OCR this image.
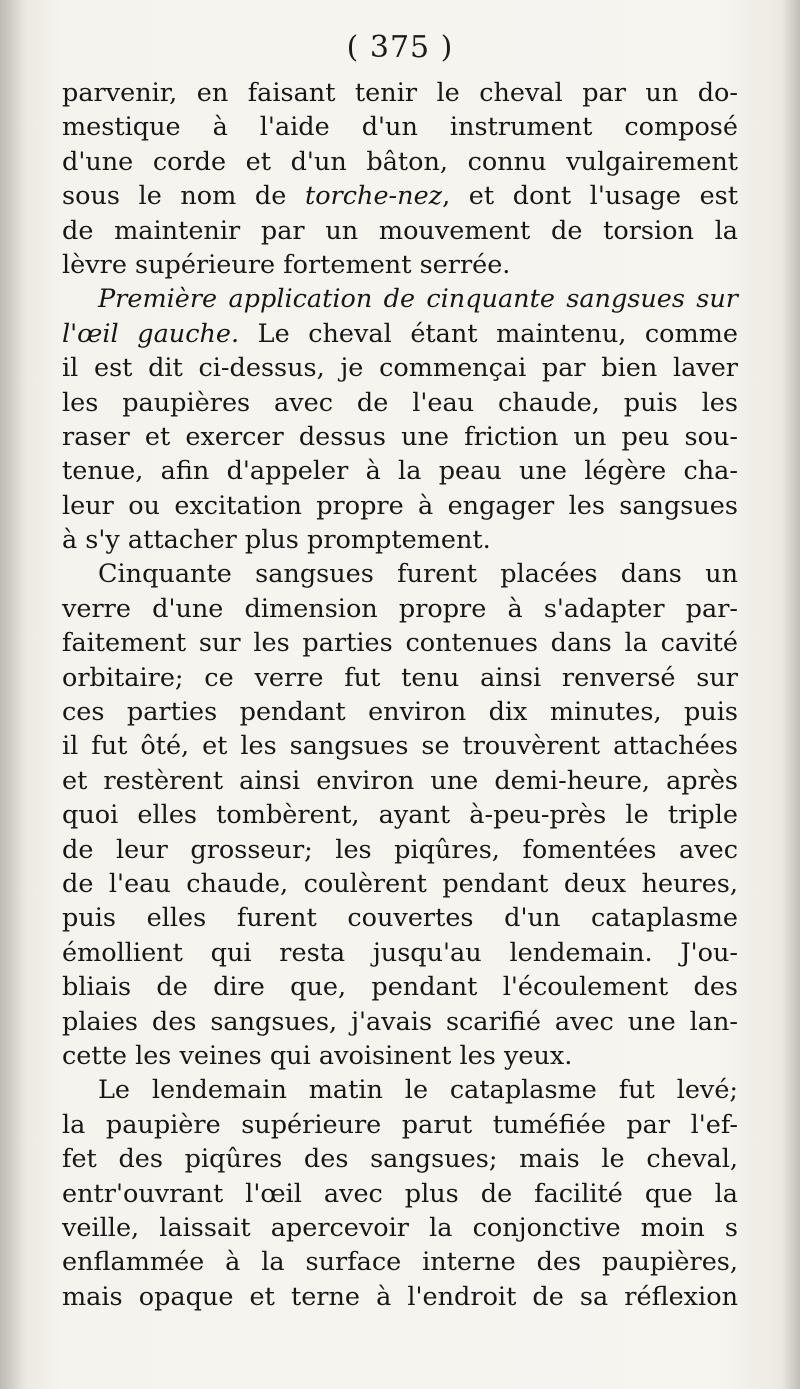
( 375 )
parvenir, en faisant tenir le cheval par un do-
mestique à l'aide d'un instrument composé
d'une corde et d'un bâton, connu vulgairement
sous le nom de torche-nez, et dont l'usage est
de maintenir par un mouvement de torsion la
lèvre supérieure fortement serrée.
Première application de cinquante sangsues sur
l'œil gauche. Le cheval étant maintenu, comme
il est dit ci-dessus, je commençai par bien laver
les paupières avec de l'eau chaude, puis les
raser et exercer dessus une friction un peu sou-
tenue, afin d'appeler à la peau une légère cha-
leur ou excitation propre à engager les sangsues
à s'y attacher plus promptement.
Cinquante sangsues furent placées dans un
verre d'une dimension propre à s'adapter par-
faitement sur les parties contenues dans la cavité
orbitaire; ce verre fut tenu ainsi renversé sur
ces parties pendant environ dix minutes, puis
il fut ôté, et les sangsues se trouvèrent attachées
et restèrent ainsi environ une demi-heure, après
quoi elles tombèrent, ayant à-peu-près le triple
de leur grosseur; les piqûres, fomentées avec
de l'eau chaude, coulèrent pendant deux heures,
puis elles furent couvertes d'un cataplasme
émollient qui resta jusqu'au lendemain. J'ou-
bliais de dire que, pendant l'écoulement des
plaies des sangsues, j'avais scarifié avec une lan-
cette les veines qui avoisinent les yeux.
Le lendemain matin le cataplasme fut levé;
la paupière supérieure parut tuméfiée par l'ef-
fet des piqûres des sangsues; mais le cheval,
entr'ouvrant l'œil avec plus de facilité que la
veille, laissait apercevoir la conjonctive moin s
enflammée à la surface interne des paupières,
mais opaque et terne à l'endroit de sa réflexion
